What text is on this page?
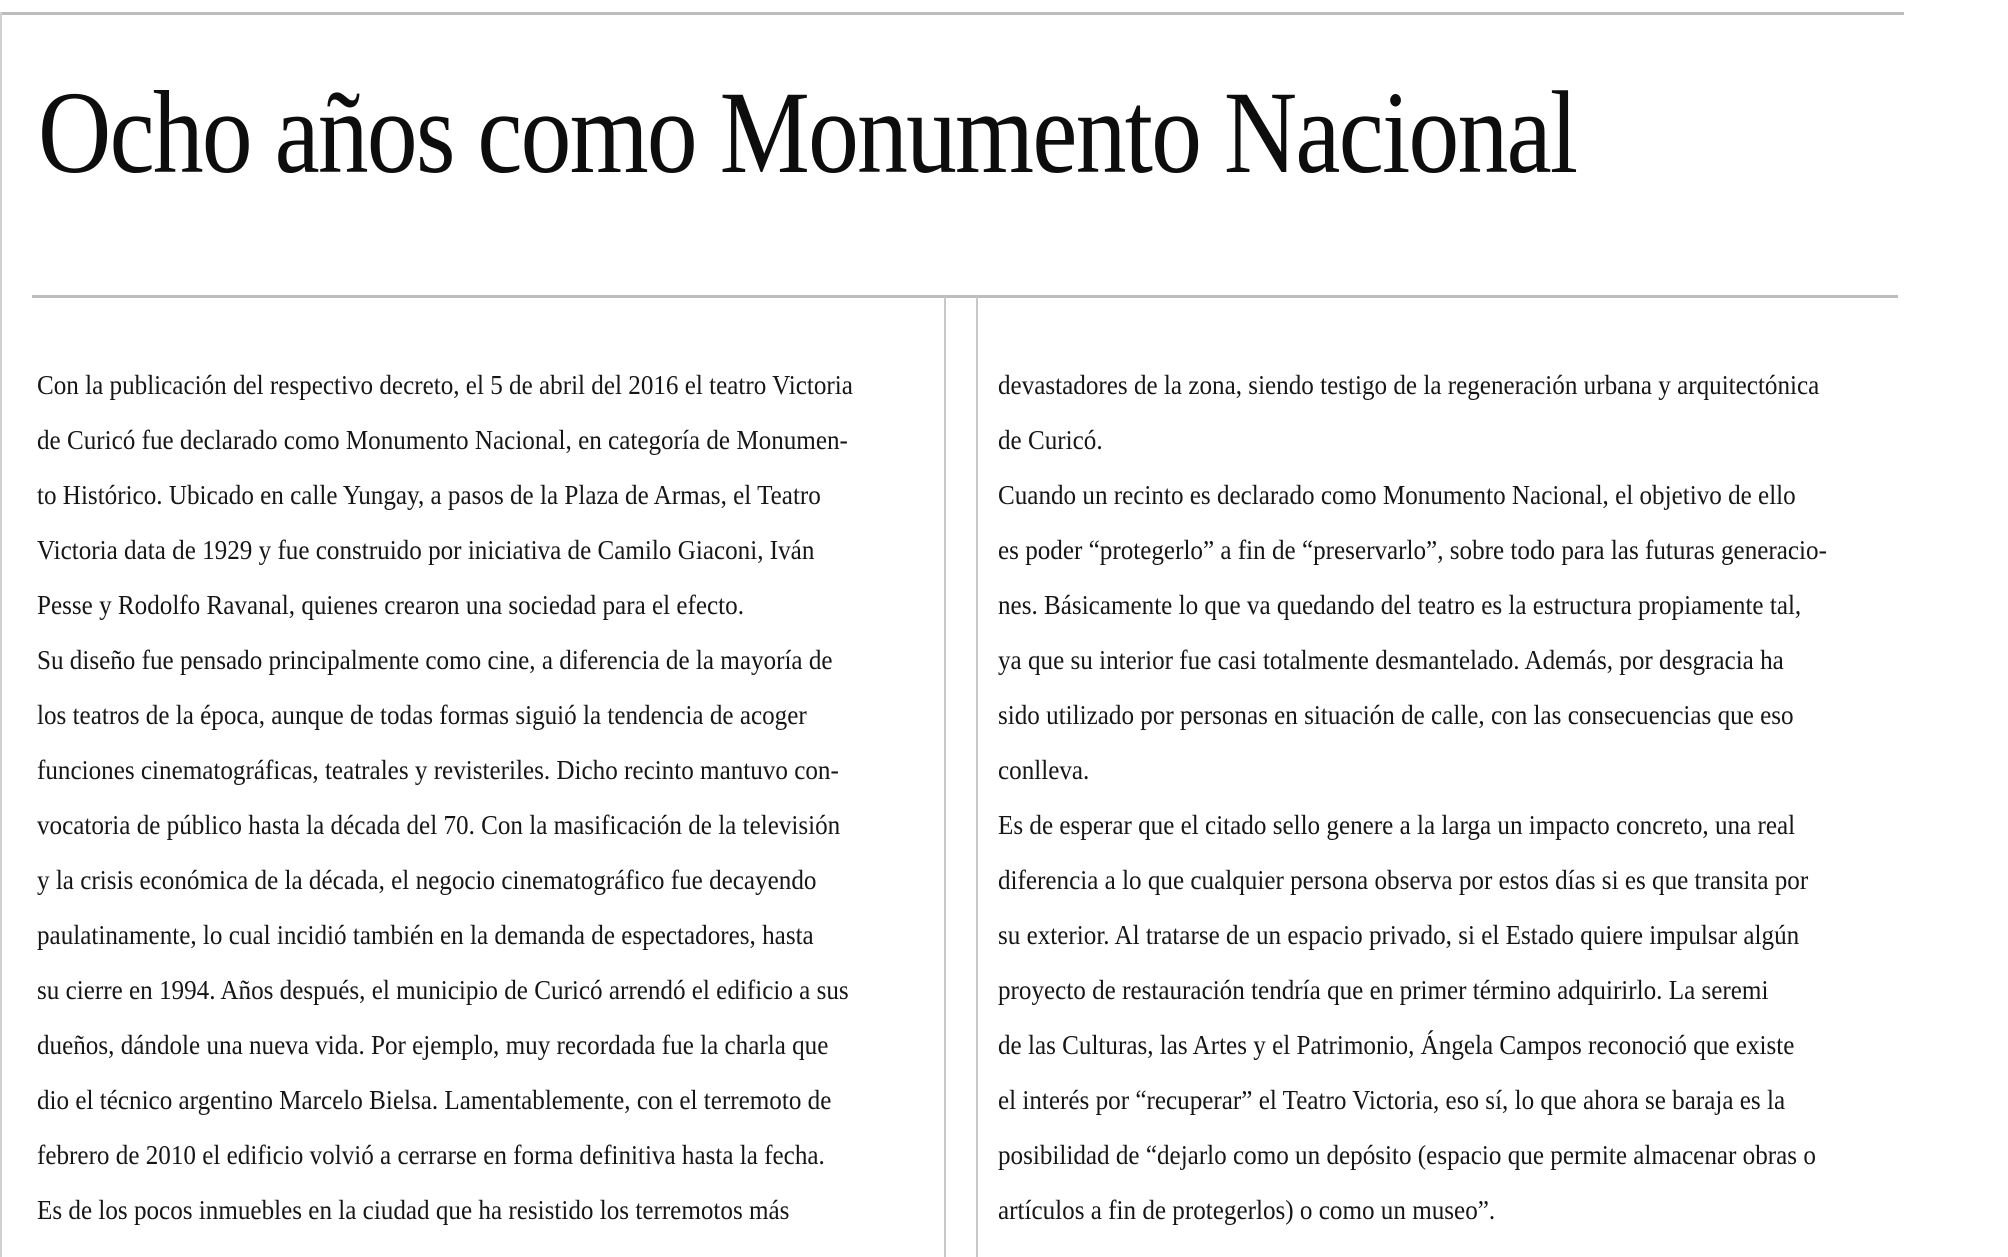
Ocho años como Monumento Nacional
Con la publicación del respectivo decreto, el 5 de abril del 2016 el teatro Victoria
de Curicó fue declarado como Monumento Nacional, en categoría de Monumen-
to Histórico. Ubicado en calle Yungay, a pasos de la Plaza de Armas, el Teatro
Victoria data de 1929 y fue construido por iniciativa de Camilo Giaconi, Iván
Pesse y Rodolfo Ravanal, quienes crearon una sociedad para el efecto.
Su diseño fue pensado principalmente como cine, a diferencia de la mayoría de
los teatros de la época, aunque de todas formas siguió la tendencia de acoger
funciones cinematográficas, teatrales y revisteriles. Dicho recinto mantuvo con-
vocatoria de público hasta la década del 70. Con la masificación de la televisión
y la crisis económica de la década, el negocio cinematográfico fue decayendo
paulatinamente, lo cual incidió también en la demanda de espectadores, hasta
su cierre en 1994. Años después, el municipio de Curicó arrendó el edificio a sus
dueños, dándole una nueva vida. Por ejemplo, muy recordada fue la charla que
dio el técnico argentino Marcelo Bielsa. Lamentablemente, con el terremoto de
febrero de 2010 el edificio volvió a cerrarse en forma definitiva hasta la fecha.
Es de los pocos inmuebles en la ciudad que ha resistido los terremotos más
devastadores de la zona, siendo testigo de la regeneración urbana y arquitectónica
de Curicó.
Cuando un recinto es declarado como Monumento Nacional, el objetivo de ello
es poder “protegerlo” a fin de “preservarlo”, sobre todo para las futuras generacio-
nes. Básicamente lo que va quedando del teatro es la estructura propiamente tal,
ya que su interior fue casi totalmente desmantelado. Además, por desgracia ha
sido utilizado por personas en situación de calle, con las consecuencias que eso
conlleva.
Es de esperar que el citado sello genere a la larga un impacto concreto, una real
diferencia a lo que cualquier persona observa por estos días si es que transita por
su exterior. Al tratarse de un espacio privado, si el Estado quiere impulsar algún
proyecto de restauración tendría que en primer término adquirirlo. La seremi
de las Culturas, las Artes y el Patrimonio, Ángela Campos reconoció que existe
el interés por “recuperar” el Teatro Victoria, eso sí, lo que ahora se baraja es la
posibilidad de “dejarlo como un depósito (espacio que permite almacenar obras o
artículos a fin de protegerlos) o como un museo”.
